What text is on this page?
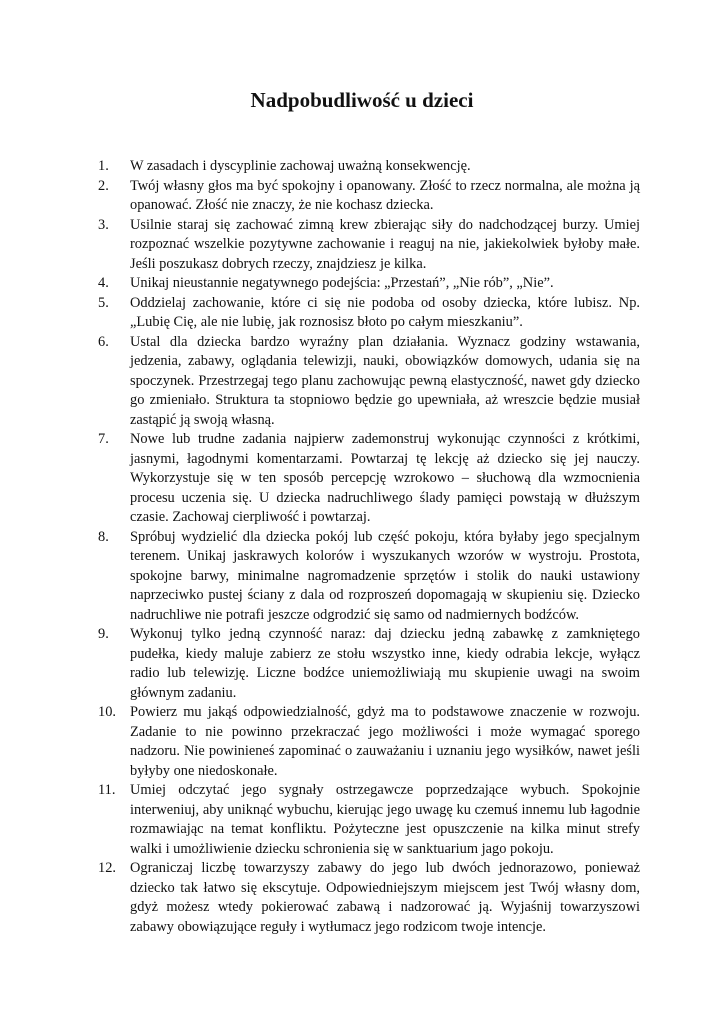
Nadpobudliwość u dzieci
1.	W zasadach i dyscyplinie zachowaj uważną konsekwencję.
2.	Twój własny głos ma być spokojny i opanowany. Złość to rzecz normalna, ale można ją opanować. Złość nie znaczy, że nie kochasz dziecka.
3.	Usilnie staraj się zachować zimną krew zbierając siły do nadchodzącej burzy. Umiej rozpoznać wszelkie pozytywne zachowanie i reaguj na nie, jakiekolwiek byłoby małe. Jeśli poszukasz dobrych rzeczy, znajdziesz je kilka.
4.	Unikaj nieustannie negatywnego podejścia: „Przestań”, „Nie rób”, „Nie”.
5.	Oddzielaj zachowanie, które ci się nie podoba od osoby dziecka, które lubisz. Np. „Lubię Cię, ale nie lubię, jak roznosisz błoto po całym mieszkaniu”.
6.	Ustal dla dziecka bardzo wyraźny plan działania. Wyznacz godziny wstawania, jedzenia, zabawy, oglądania telewizji, nauki, obowiązków domowych, udania się na spoczynek. Przestrzegaj tego planu zachowując pewną elastyczność, nawet gdy dziecko go zmieniało. Struktura ta stopniowo będzie go upewniała, aż wreszcie będzie musiał zastąpić ją swoją własną.
7.	Nowe lub trudne zadania najpierw zademonstruj wykonując czynności z krótkimi, jasnymi, łagodnymi komentarzami. Powtarzaj tę lekcję aż dziecko się jej nauczy. Wykorzystuje się w ten sposób percepcję wzrokowo – słuchową dla wzmocnienia procesu uczenia się. U dziecka nadruchliwego ślady pamięci powstają w dłuższym czasie. Zachowaj cierpliwość i powtarzaj.
8.	Spróbuj wydzielić dla dziecka pokój lub część pokoju, która byłaby jego specjalnym terenem. Unikaj jaskrawych kolorów i wyszukanych wzorów w wystroju. Prostota, spokojne barwy, minimalne nagromadzenie sprzętów i stolik do nauki ustawiony naprzeciwko pustej ściany z dala od rozproszeń dopomagają w skupieniu się. Dziecko nadruchliwe nie potrafi jeszcze odgrodzić się samo od nadmiernych bodźców.
9.	Wykonuj tylko jedną czynność naraz: daj dziecku jedną zabawkę z zamkniętego pudełka, kiedy maluje zabierz ze stołu wszystko inne, kiedy odrabia lekcje, wyłącz radio lub telewizję. Liczne bodźce uniemożliwiają mu skupienie uwagi na swoim głównym zadaniu.
10. Powierz mu jakąś odpowiedzialność, gdyż ma to podstawowe znaczenie w rozwoju. Zadanie to nie powinno przekraczać jego możliwości i może wymagać sporego nadzoru. Nie powinieneś zapominać o zauważaniu i uznaniu jego wysiłków, nawet jeśli byłyby one niedoskonałe.
11.	Umiej odczytać jego sygnały ostrzegawcze poprzedzające wybuch. Spokojnie interweniuj, aby uniknąć wybuchu, kierując jego uwagę ku czemuś innemu lub łagodnie rozmawiając na temat konfliktu. Pożyteczne jest opuszczenie na kilka minut strefy walki i umożliwienie dziecku schronienia się w sanktuarium jago pokoju.
12. Ograniczaj liczbę towarzyszy zabawy do jego lub dwóch jednorazowo, ponieważ dziecko tak łatwo się ekscytuje. Odpowiedniejszym miejscem jest Twój własny dom, gdyż możesz wtedy pokierować zabawą i nadzorować ją. Wyjaśnij towarzyszowi zabawy obowiązujące reguły i wytłumacz jego rodzicom twoje intencje.
